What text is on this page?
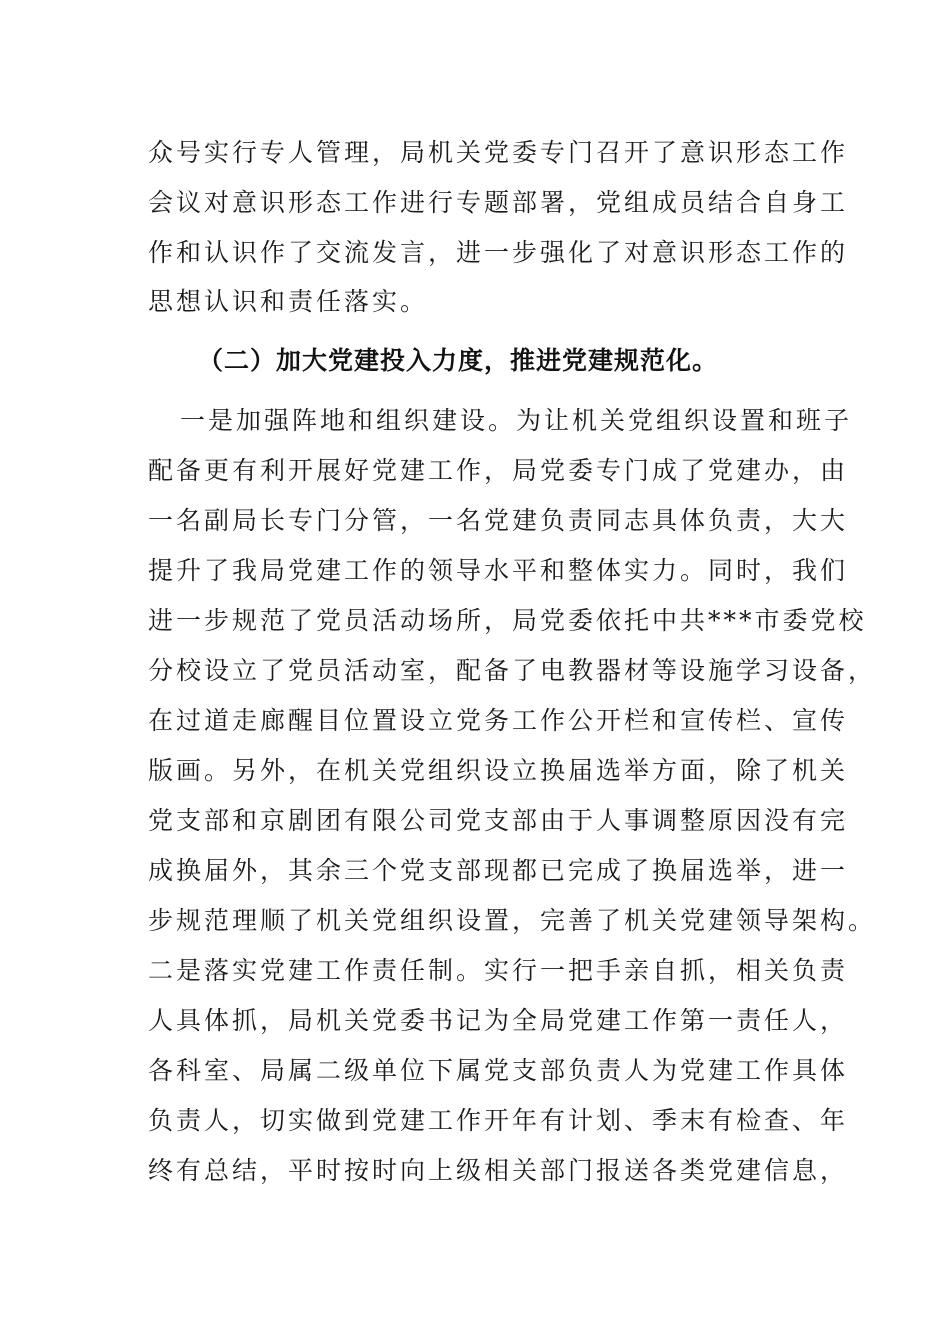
众号实行专人管理，局机关党委专门召开了意识形态工作
会议对意识形态工作进行专题部署，党组成员结合自身工
作和认识作了交流发言，进一步强化了对意识形态工作的
思想认识和责任落实。
（二）加大党建投入力度，推进党建规范化。
一是加强阵地和组织建设。为让机关党组织设置和班子
配备更有利开展好党建工作，局党委专门成了党建办，由
一名副局长专门分管，一名党建负责同志具体负责，大大
提升了我局党建工作的领导水平和整体实力。同时，我们
进一步规范了党员活动场所，局党委依托中共***市委党校
分校设立了党员活动室，配备了电教器材等设施学习设备，
在过道走廊醒目位置设立党务工作公开栏和宣传栏、宣传
版画。另外，在机关党组织设立换届选举方面，除了机关
党支部和京剧团有限公司党支部由于人事调整原因没有完
成换届外，其余三个党支部现都已完成了换届选举，进一
步规范理顺了机关党组织设置，完善了机关党建领导架构。
二是落实党建工作责任制。实行一把手亲自抓，相关负责
人具体抓，局机关党委书记为全局党建工作第一责任人，
各科室、局属二级单位下属党支部负责人为党建工作具体
负责人，切实做到党建工作开年有计划、季末有检查、年
终有总结，平时按时向上级相关部门报送各类党建信息，
